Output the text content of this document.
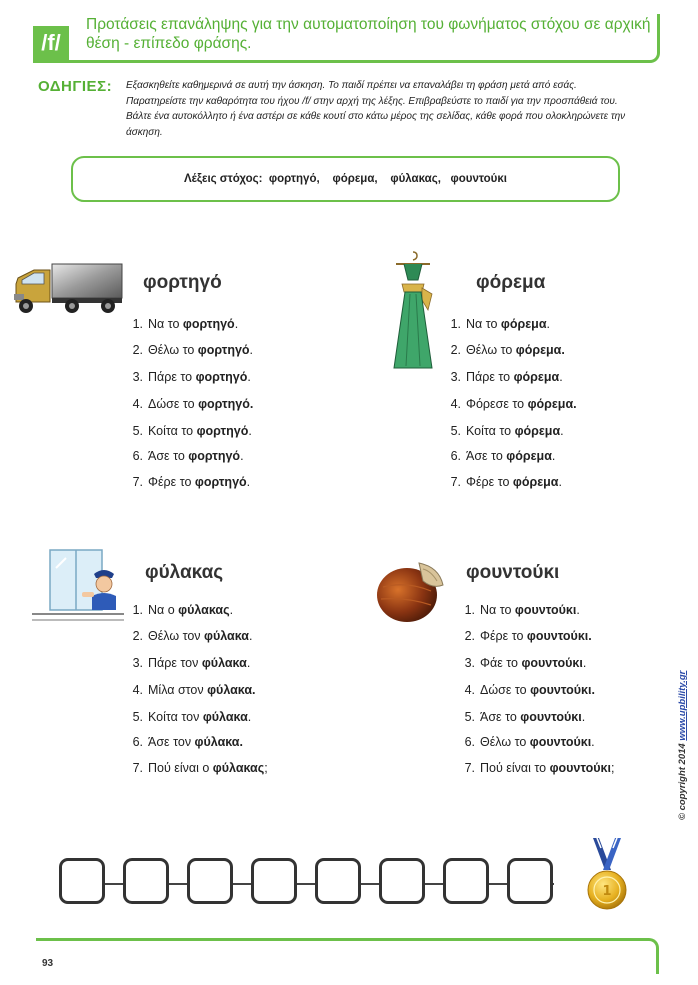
/f/
Προτάσεις επανάληψης για την αυτοματοποίηση του φωνήματος στόχου σε αρχική θέση - επίπεδο φράσης.
ΟΔΗΓΙΕΣ: Εξασκηθείτε καθημερινά σε αυτή την άσκηση. Το παιδί πρέπει να επαναλάβει τη φράση μετά από εσάς.
Παρατηρείστε την καθαρότητα του ήχου /f/ στην αρχή της λέξης. Επιβραβεύστε το παιδί για την προσπάθειά του.
Βάλτε ένα αυτοκόλλητο ή ένα αστέρι σε κάθε κουτί στο κάτω μέρος της σελίδας, κάθε φορά που ολοκληρώνετε την
άσκηση.
Λέξεις στόχος: φορτηγό, φόρεμα, φύλακας, φουντούκι
φορτηγό	φόρεμα
φύλακας	φουντούκι
1. Να το φορτηγό.
2. Θέλω το φορτηγό.
3. Πάρε το φορτηγό.
4. Δώσε το φορτηγό.
5. Κοίτα το φορτηγό.
6. Άσε το φορτηγό.
7. Φέρε το φορτηγό.
1. Να το φόρεμα.
2. Θέλω το φόρεμα.
3. Πάρε το φόρεμα.
4. Φόρεσε το φόρεμα.
5. Κοίτα το φόρεμα.
6. Άσε το φόρεμα.
7. Φέρε το φόρεμα.
1. Να ο φύλακας.
2. Θέλω τον φύλακα.
3. Πάρε τον φύλακα.
4. Μίλα στον φύλακα.
5. Κοίτα τον φύλακα.
6. Άσε τον φύλακα.
7. Πού είναι ο φύλακας;
1. Να το φουντούκι.
2. Φέρε το φουντούκι.
3. Φάε το φουντούκι.
4. Δώσε το φουντούκι.
5. Άσε το φουντούκι.
6. Θέλω το φουντούκι.
7. Πού είναι το φουντούκι;
1
© copyright 2014 www.upbility.gr
93
